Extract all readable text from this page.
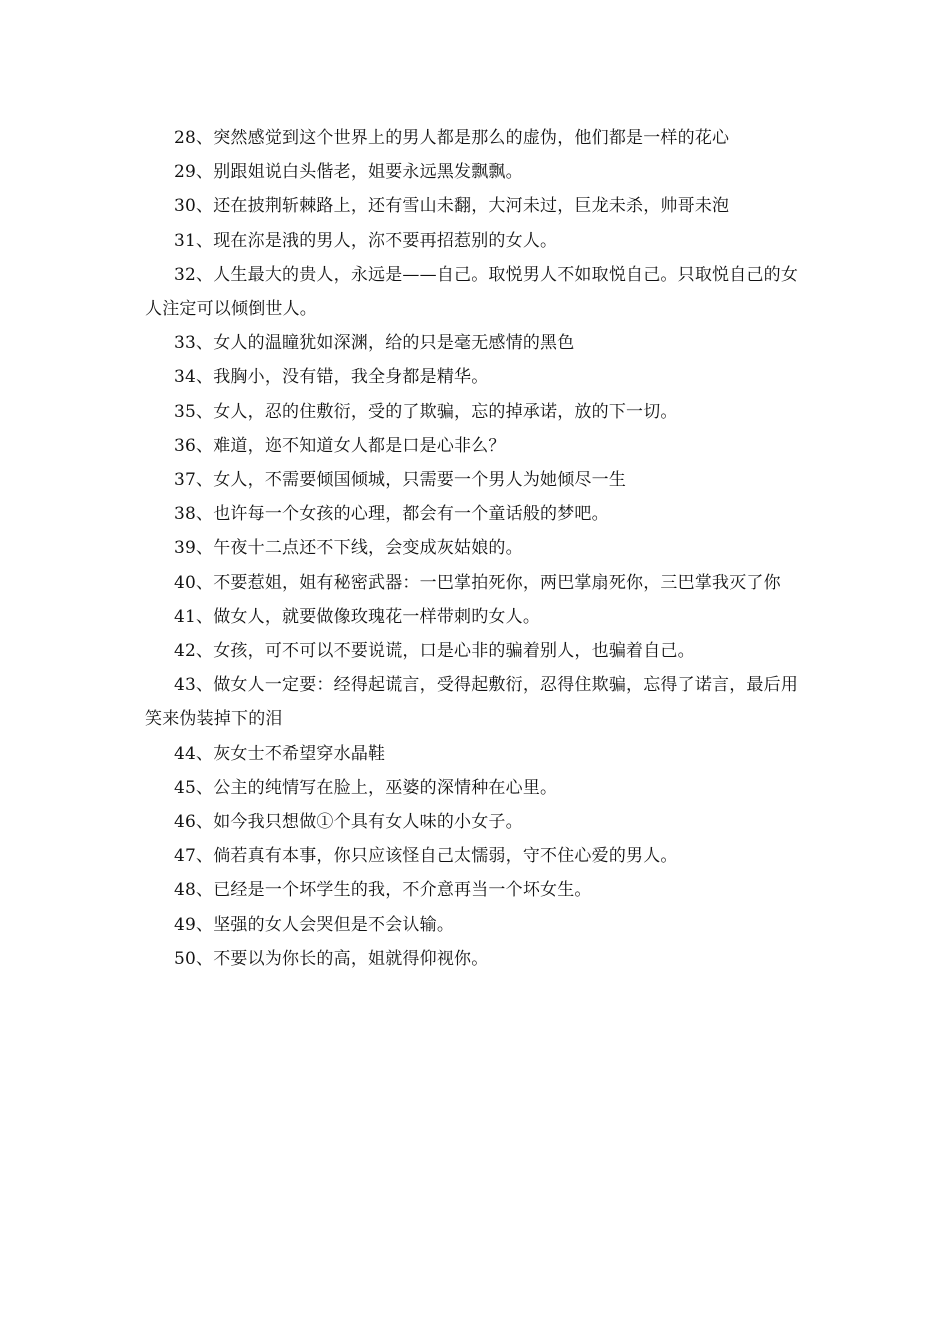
28、突然感觉到这个世界上的男人都是那么的虚伪，他们都是一样的花心

29、别跟姐说白头偕老，姐要永远黑发飘飘。

30、还在披荆斩棘路上，还有雪山未翻，大河未过，巨龙未杀，帅哥未泡

31、现在沵是涐的男人，沵不要再招惹别的女人。

32、人生最大的贵人，永远是——自己。取悦男人不如取悦自己。只取悦自己的女人注定可以倾倒世人。

33、女人的温瞳犹如深渊，给的只是毫无感情的黑色

34、我胸小，没有错，我全身都是精华。

35、女人，忍的住敷衍，受的了欺骗，忘的掉承诺，放的下一切。

36、难道，迩不知道女人都是口是心非么？

37、女人，不需要倾国倾城，只需要一个男人为她倾尽一生

38、也许每一个女孩的心理，都会有一个童话般的梦吧。

39、午夜十二点还不下线，会变成灰姑娘的。

40、不要惹姐，姐有秘密武器：一巴掌拍死你，两巴掌扇死你，三巴掌我灭了你

41、做女人，就要做像玫瑰花一样带刺旳女人。

42、女孩，可不可以不要说谎，口是心非的骗着别人，也骗着自己。

43、做女人一定要：经得起谎言，受得起敷衍，忍得住欺骗，忘得了诺言，最后用笑来伪装掉下的泪

44、灰女士不希望穿水晶鞋

45、公主的纯情写在脸上，巫婆的深情种在心里。

46、如今我只想做①个具有女人味的小女子。

47、倘若真有本事，你只应该怪自己太懦弱，守不住心爱的男人。

48、已经是一个坏学生的我，不介意再当一个坏女生。

49、坚强的女人会哭但是不会认输。

50、不要以为你长的高，姐就得仰视你。
